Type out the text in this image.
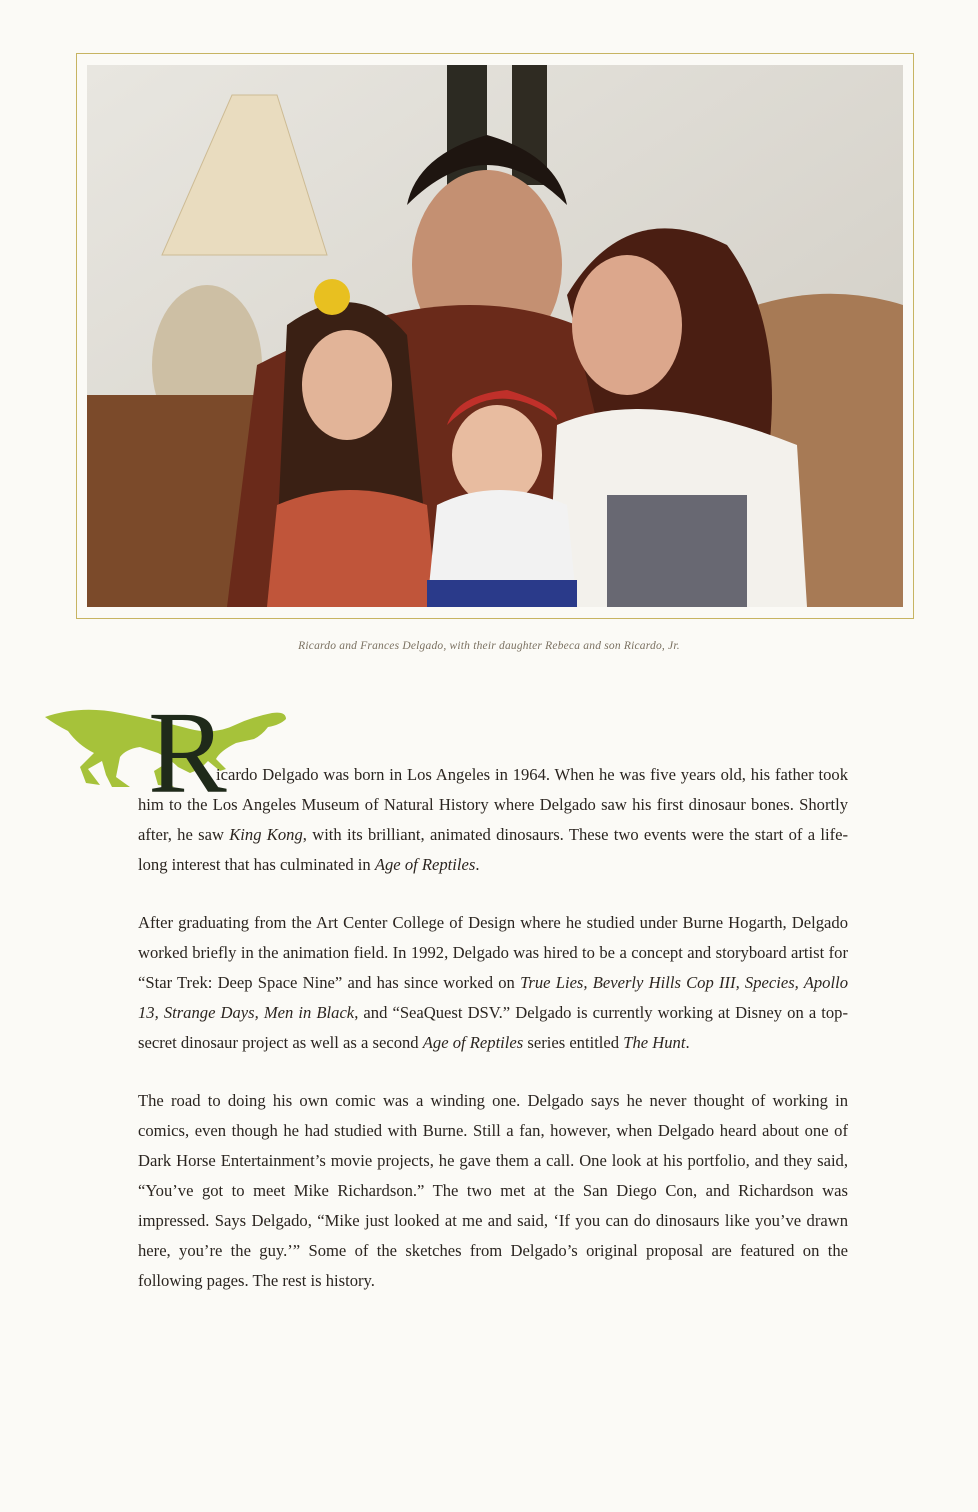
Ricardo and Frances Delgado, with their daughter Rebeca and son Ricardo, Jr.
R

icardo Delgado was born in Los Angeles in 1964. When he was five years old, his father took him to the Los Angeles Museum of Natural History where Delgado saw his first dinosaur bones. Shortly after, he saw King Kong, with its brilliant, animated dinosaurs. These two events were the start of a life-long interest that has culminated in Age of Reptiles.

After graduating from the Art Center College of Design where he studied under Burne Hogarth, Delgado worked briefly in the animation field. In 1992, Delgado was hired to be a concept and storyboard artist for “Star Trek: Deep Space Nine” and has since worked on True Lies, Beverly Hills Cop III, Species, Apollo 13, Strange Days, Men in Black, and “SeaQuest DSV.” Delgado is currently working at Disney on a top-secret dinosaur project as well as a second Age of Reptiles series entitled The Hunt.

The road to doing his own comic was a winding one. Delgado says he never thought of working in comics, even though he had studied with Burne. Still a fan, however, when Delgado heard about one of Dark Horse Entertainment’s movie projects, he gave them a call. One look at his portfolio, and they said, “You’ve got to meet Mike Richardson.” The two met at the San Diego Con, and Richardson was impressed. Says Delgado, “Mike just looked at me and said, ‘If you can do dinosaurs like you’ve drawn here, you’re the guy.’” Some of the sketches from Delgado’s original proposal are featured on the following pages. The rest is history.
